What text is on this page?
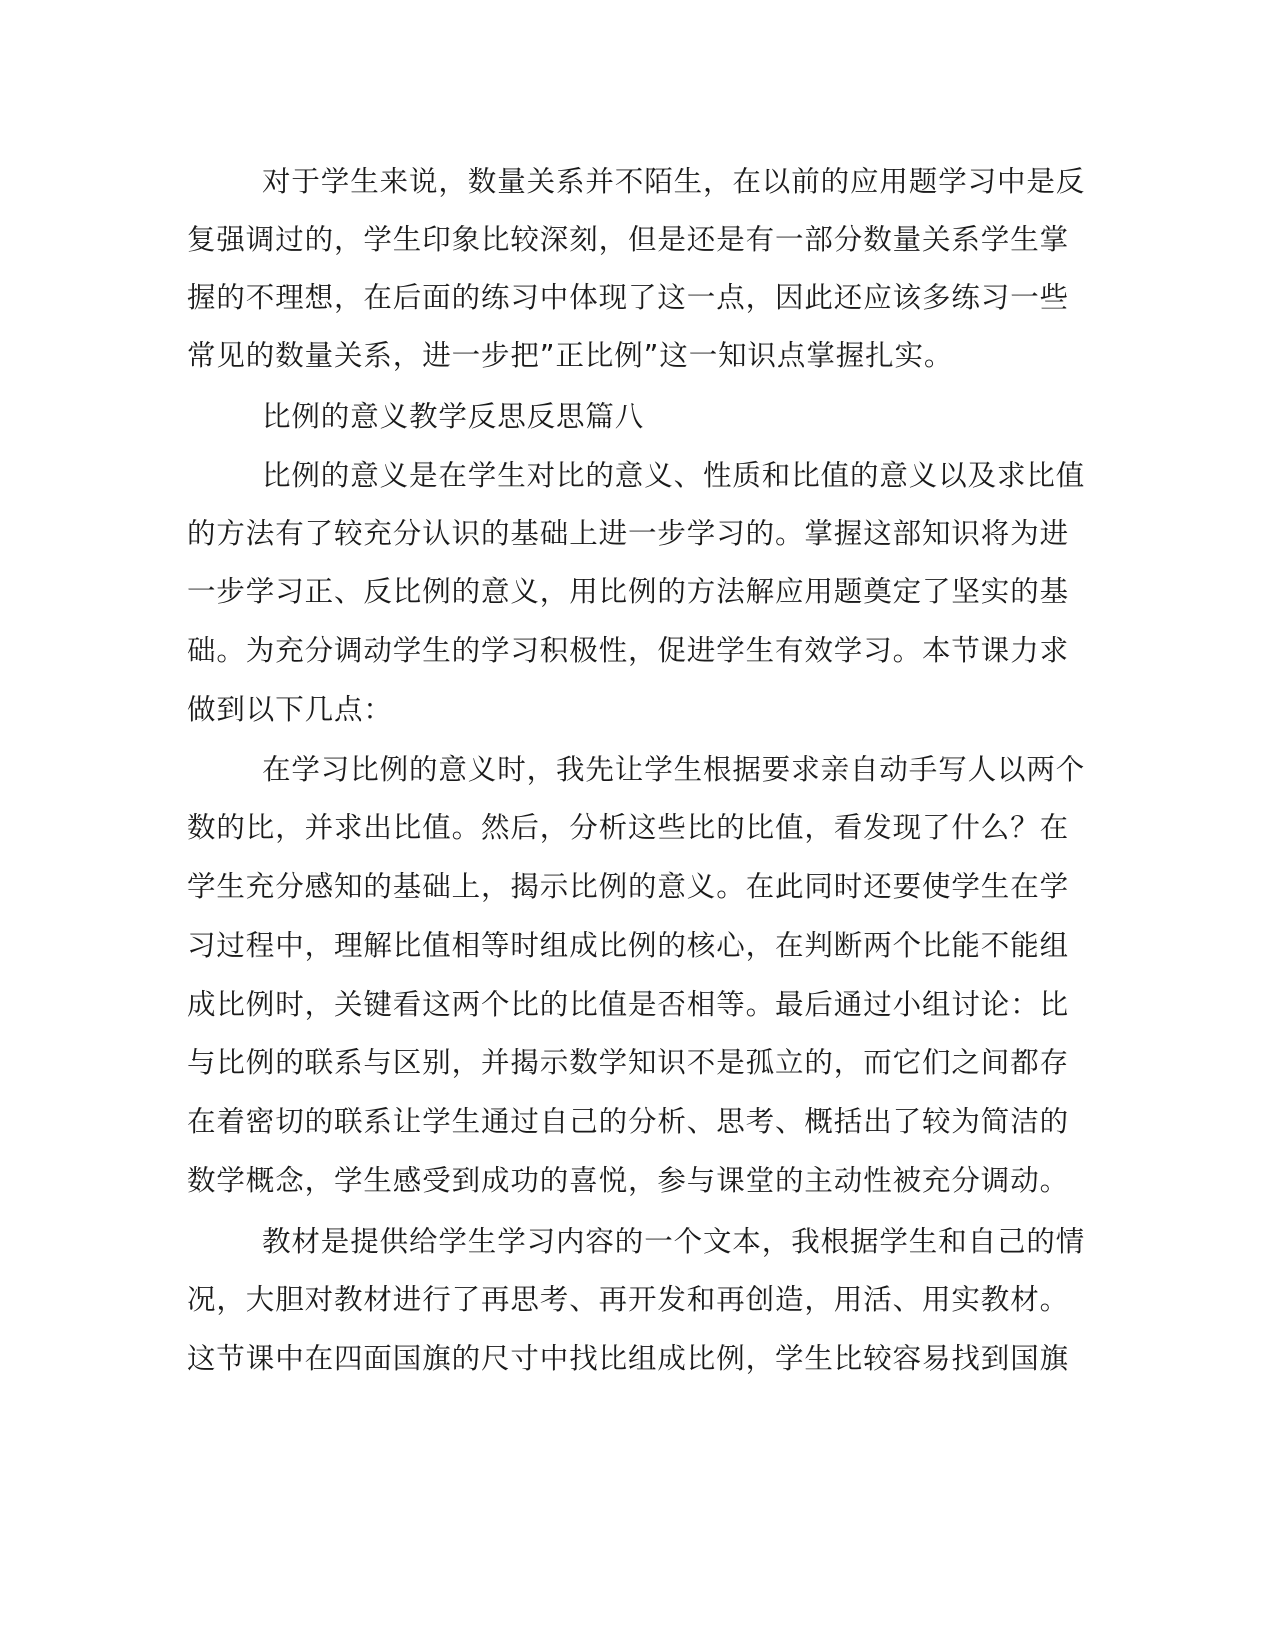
对于学生来说，数量关系并不陌生，在以前的应用题学习中是反

复强调过的，学生印象比较深刻，但是还是有一部分数量关系学生掌

握的不理想，在后面的练习中体现了这一点，因此还应该多练习一些

常见的数量关系，进一步把”正比例”这一知识点掌握扎实。

比例的意义教学反思反思篇八

比例的意义是在学生对比的意义、性质和比值的意义以及求比值

的方法有了较充分认识的基础上进一步学习的。掌握这部知识将为进

一步学习正、反比例的意义，用比例的方法解应用题奠定了坚实的基

础。为充分调动学生的学习积极性，促进学生有效学习。本节课力求

做到以下几点：

在学习比例的意义时，我先让学生根据要求亲自动手写人以两个

数的比，并求出比值。然后，分析这些比的比值，看发现了什么？在

学生充分感知的基础上，揭示比例的意义。在此同时还要使学生在学

习过程中，理解比值相等时组成比例的核心，在判断两个比能不能组

成比例时，关键看这两个比的比值是否相等。最后通过小组讨论：比

与比例的联系与区别，并揭示数学知识不是孤立的，而它们之间都存

在着密切的联系让学生通过自己的分析、思考、概括出了较为简洁的

数学概念，学生感受到成功的喜悦，参与课堂的主动性被充分调动。

教材是提供给学生学习内容的一个文本，我根据学生和自己的情

况，大胆对教材进行了再思考、再开发和再创造，用活、用实教材。

这节课中在四面国旗的尺寸中找比组成比例，学生比较容易找到国旗
